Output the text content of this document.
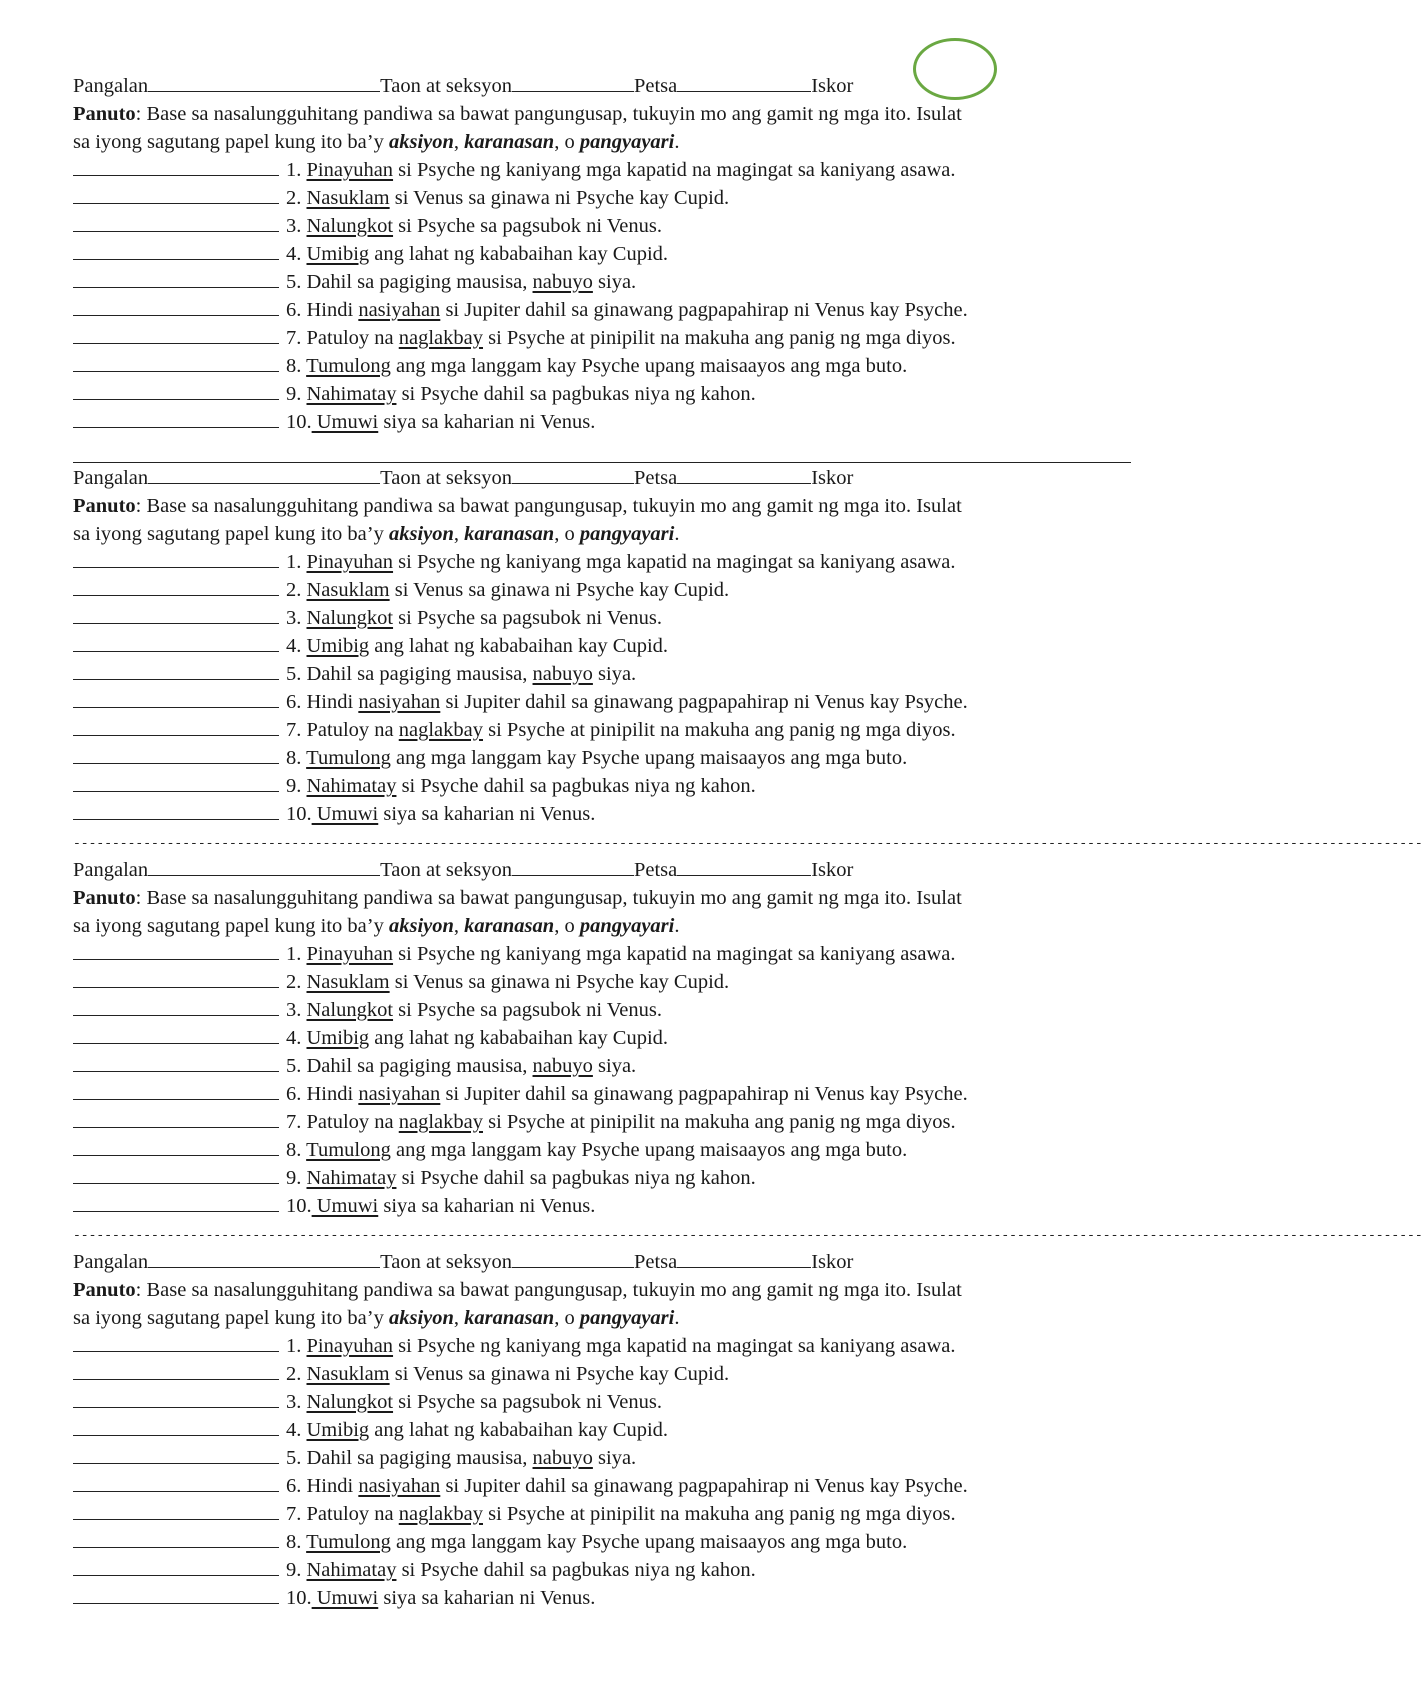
Pangalan	Taon at seksyon	Petsa	Iskor
Panuto: Base sa nasalungguhitang pandiwa sa bawat pangungusap, tukuyin mo ang gamit ng mga ito. Isulat
sa iyong sagutang papel kung ito ba’y aksiyon, karanasan, o pangyayari.
1. Pinayuhan si Psyche ng kaniyang mga kapatid na magingat sa kaniyang asawa.
2. Nasuklam si Venus sa ginawa ni Psyche kay Cupid.
3. Nalungkot si Psyche sa pagsubok ni Venus.
4. Umibig ang lahat ng kababaihan kay Cupid.
5. Dahil sa pagiging mausisa, nabuyo siya.
6. Hindi nasiyahan si Jupiter dahil sa ginawang pagpapahirap ni Venus kay Psyche.
7. Patuloy na naglakbay si Psyche at pinipilit na makuha ang panig ng mga diyos.
8. Tumulong ang mga langgam kay Psyche upang maisaayos ang mga buto.
9. Nahimatay si Psyche dahil sa pagbukas niya ng kahon.
10. Umuwi siya sa kaharian ni Venus.
Pangalan	Taon at seksyon	Petsa	Iskor
Panuto: Base sa nasalungguhitang pandiwa sa bawat pangungusap, tukuyin mo ang gamit ng mga ito. Isulat
sa iyong sagutang papel kung ito ba’y aksiyon, karanasan, o pangyayari.
1. Pinayuhan si Psyche ng kaniyang mga kapatid na magingat sa kaniyang asawa.
2. Nasuklam si Venus sa ginawa ni Psyche kay Cupid.
3. Nalungkot si Psyche sa pagsubok ni Venus.
4. Umibig ang lahat ng kababaihan kay Cupid.
5. Dahil sa pagiging mausisa, nabuyo siya.
6. Hindi nasiyahan si Jupiter dahil sa ginawang pagpapahirap ni Venus kay Psyche.
7. Patuloy na naglakbay si Psyche at pinipilit na makuha ang panig ng mga diyos.
8. Tumulong ang mga langgam kay Psyche upang maisaayos ang mga buto.
9. Nahimatay si Psyche dahil sa pagbukas niya ng kahon.
10. Umuwi siya sa kaharian ni Venus.
Pangalan	Taon at seksyon	Petsa	Iskor
Panuto: Base sa nasalungguhitang pandiwa sa bawat pangungusap, tukuyin mo ang gamit ng mga ito. Isulat
sa iyong sagutang papel kung ito ba’y aksiyon, karanasan, o pangyayari.
1. Pinayuhan si Psyche ng kaniyang mga kapatid na magingat sa kaniyang asawa.
2. Nasuklam si Venus sa ginawa ni Psyche kay Cupid.
3. Nalungkot si Psyche sa pagsubok ni Venus.
4. Umibig ang lahat ng kababaihan kay Cupid.
5. Dahil sa pagiging mausisa, nabuyo siya.
6. Hindi nasiyahan si Jupiter dahil sa ginawang pagpapahirap ni Venus kay Psyche.
7. Patuloy na naglakbay si Psyche at pinipilit na makuha ang panig ng mga diyos.
8. Tumulong ang mga langgam kay Psyche upang maisaayos ang mga buto.
9. Nahimatay si Psyche dahil sa pagbukas niya ng kahon.
10. Umuwi siya sa kaharian ni Venus.
Pangalan	Taon at seksyon	Petsa	Iskor
Panuto: Base sa nasalungguhitang pandiwa sa bawat pangungusap, tukuyin mo ang gamit ng mga ito. Isulat
sa iyong sagutang papel kung ito ba’y aksiyon, karanasan, o pangyayari.
1. Pinayuhan si Psyche ng kaniyang mga kapatid na magingat sa kaniyang asawa.
2. Nasuklam si Venus sa ginawa ni Psyche kay Cupid.
3. Nalungkot si Psyche sa pagsubok ni Venus.
4. Umibig ang lahat ng kababaihan kay Cupid.
5. Dahil sa pagiging mausisa, nabuyo siya.
6. Hindi nasiyahan si Jupiter dahil sa ginawang pagpapahirap ni Venus kay Psyche.
7. Patuloy na naglakbay si Psyche at pinipilit na makuha ang panig ng mga diyos.
8. Tumulong ang mga langgam kay Psyche upang maisaayos ang mga buto.
9. Nahimatay si Psyche dahil sa pagbukas niya ng kahon.
10. Umuwi siya sa kaharian ni Venus.
-----------------------------------------------------------------------------------------------------------------------------------------------------------------------------
-----------------------------------------------------------------------------------------------------------------------------------------------------------------------------
